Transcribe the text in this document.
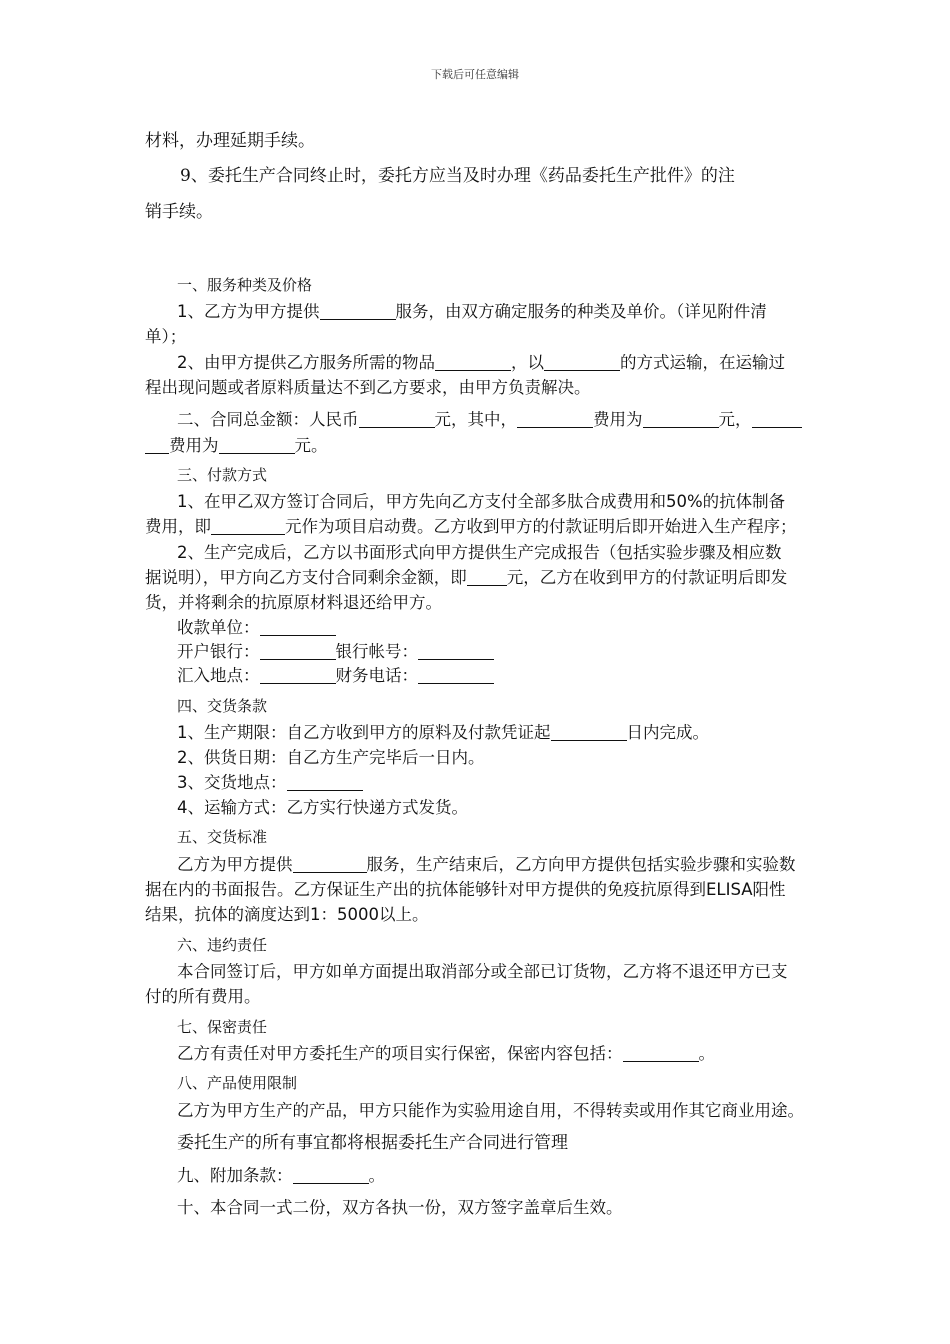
下载后可任意编辑
材料，办理延期手续。
9、委托生产合同终止时，委托方应当及时办理《药品委托生产批件》的注
销手续。
一、服务种类及价格
1、乙方为甲方提供	服务，由双方确定服务的种类及单价。（详见附件清
单）；
2、由甲方提供乙方服务所需的物品	，以	的方式运输，在运输过
程出现问题或者原料质量达不到乙方要求，由甲方负责解决。
二、合同总金额：人民币	元，其中，	费用为	元，
费用为	元。
三、付款方式
1、在甲乙双方签订合同后，甲方先向乙方支付全部多肽合成费用和50%的抗体制备
费用，即	元作为项目启动费。乙方收到甲方的付款证明后即开始进入生产程序；
2、生产完成后，乙方以书面形式向甲方提供生产完成报告（包括实验步骤及相应数
据说明），甲方向乙方支付合同剩余金额，即 元，乙方在收到甲方的付款证明后即发
货，并将剩余的抗原原材料退还给甲方。
收款单位：
开户银行：	银行帐号：
汇入地点：	财务电话：
四、交货条款
1、生产期限：自乙方收到甲方的原料及付款凭证起	日内完成。
2、供货日期：自乙方生产完毕后一日内。
3、交货地点：
4、运输方式：乙方实行快递方式发货。
五、交货标准
乙方为甲方提供	服务，生产结束后，乙方向甲方提供包括实验步骤和实验数
据在内的书面报告。乙方保证生产出的抗体能够针对甲方提供的免疫抗原得到ELISA阳性
结果，抗体的滴度达到1：5000以上。
六、违约责任
本合同签订后，甲方如单方面提出取消部分或全部已订货物，乙方将不退还甲方已支
付的所有费用。
七、保密责任
乙方有责任对甲方委托生产的项目实行保密，保密内容包括：	。
八、产品使用限制
乙方为甲方生产的产品，甲方只能作为实验用途自用，不得转卖或用作其它商业用途。
委托生产的所有事宜都将根据委托生产合同进行管理
九、附加条款：	。
十、本合同一式二份，双方各执一份，双方签字盖章后生效。
